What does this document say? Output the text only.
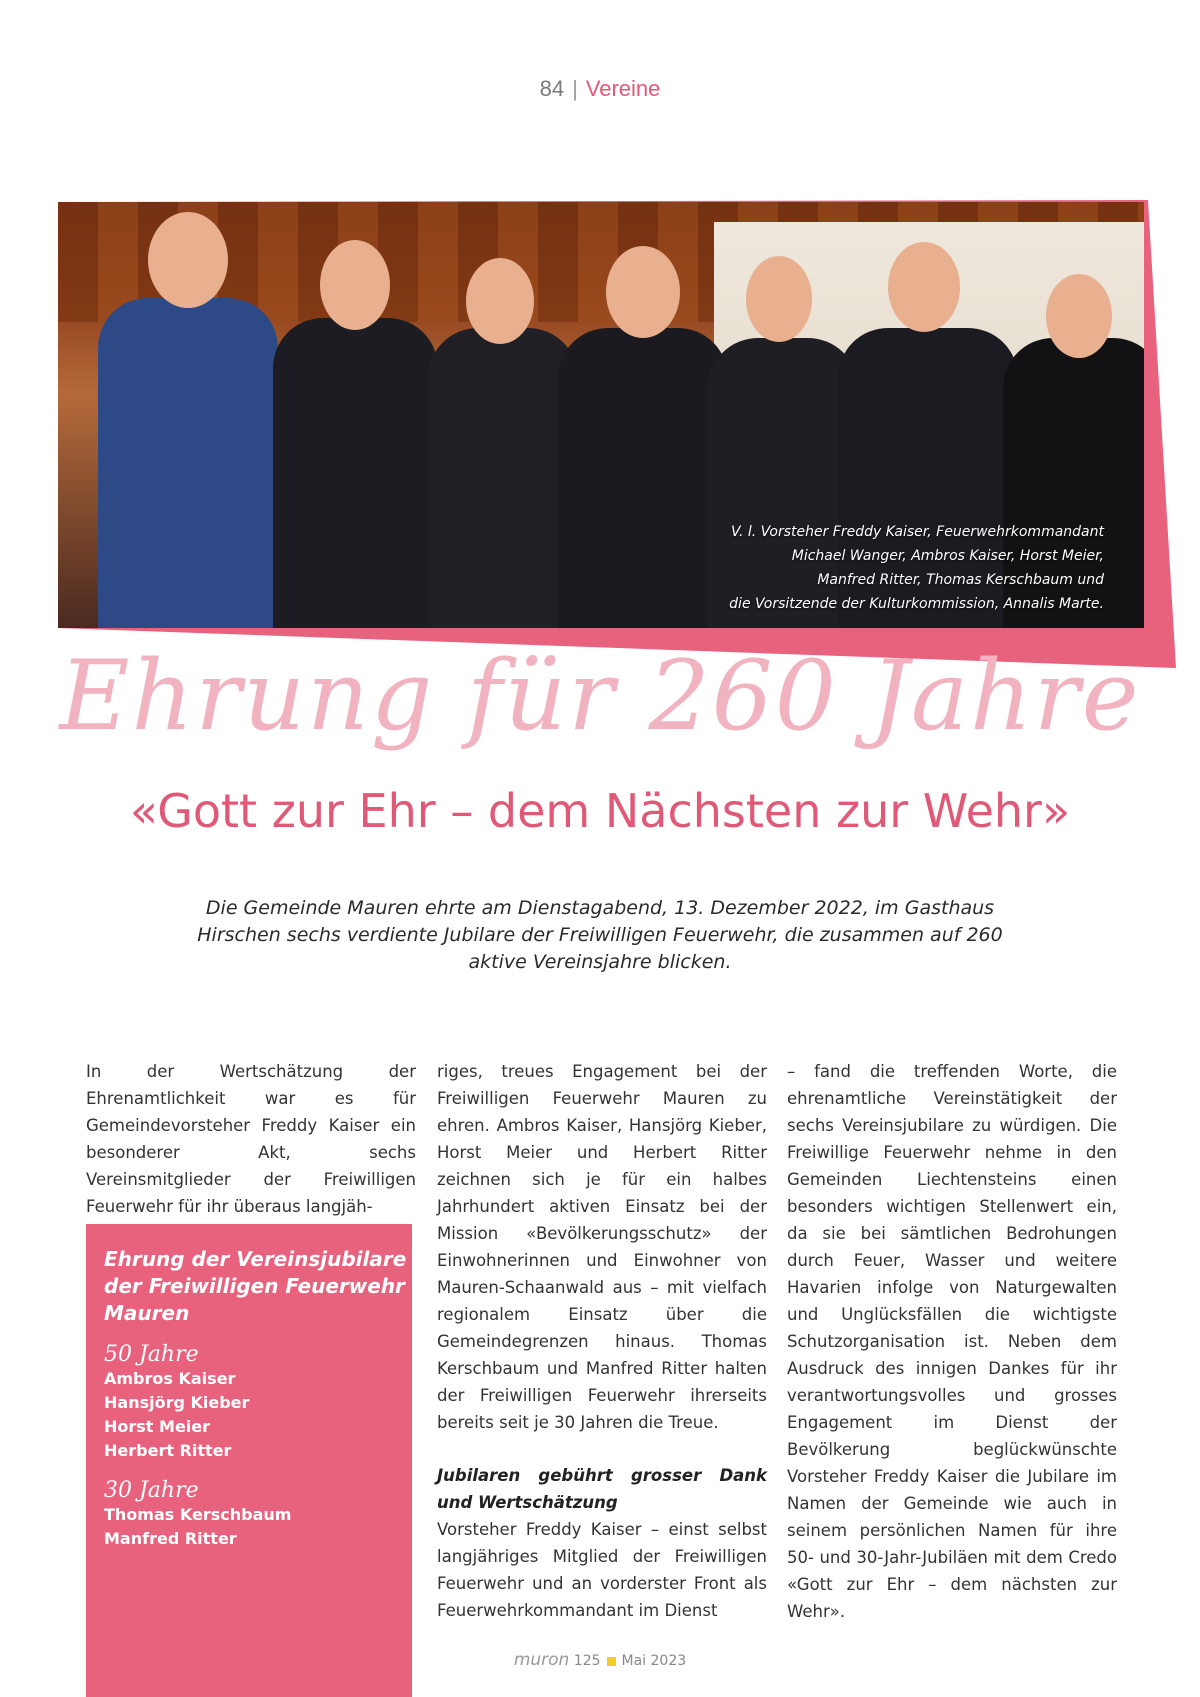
84 | Vereine
V. l. Vorsteher Freddy Kaiser, Feuerwehrkommandant
Michael Wanger, Ambros Kaiser, Horst Meier,
Manfred Ritter, Thomas Kerschbaum und
die Vorsitzende der Kulturkommission, Annalis Marte.
Ehrung für 260 Jahre
«Gott zur Ehr – dem Nächsten zur Wehr»
Die Gemeinde Mauren ehrte am Dienstagabend, 13. Dezember 2022, im Gasthaus
Hirschen sechs verdiente Jubilare der Freiwilligen Feuerwehr, die zusammen auf 260
aktive Vereinsjahre blicken.

In der Wertschätzung der Ehrenamtlichkeit war es für Gemeindevorsteher Freddy Kaiser ein besonderer Akt, sechs Vereinsmitglieder der Freiwilligen Feuerwehr für ihr überaus langjäh-

Ehrung der Vereinsjubilare der Freiwilligen Feuerwehr Mauren
50 Jahre
Ambros Kaiser
Hansjörg Kieber
Horst Meier
Herbert Ritter
30 Jahre
Thomas Kerschbaum
Manfred Ritter

riges, treues Engagement bei der Freiwilligen Feuerwehr Mauren zu ehren. Ambros Kaiser, Hansjörg Kieber, Horst Meier und Herbert Ritter zeichnen sich je für ein halbes Jahrhundert aktiven Einsatz bei der Mission «Bevölkerungsschutz» der Einwohnerinnen und Einwohner von Mauren-Schaanwald aus – mit vielfach regionalem Einsatz über die Gemeindegrenzen hinaus. Thomas Kerschbaum und Manfred Ritter halten der Freiwilligen Feuerwehr ihrerseits bereits seit je 30 Jahren die Treue.

Jubilaren gebührt grosser Dank und Wertschätzung

Vorsteher Freddy Kaiser – einst selbst langjähriges Mitglied der Freiwilligen Feuerwehr und an vorderster Front als Feuerwehrkommandant im Dienst

– fand die treffenden Worte, die ehrenamtliche Vereinstätigkeit der sechs Vereinsjubilare zu würdigen. Die Freiwillige Feuerwehr nehme in den Gemeinden Liechtensteins einen besonders wichtigen Stellenwert ein, da sie bei sämtlichen Bedrohungen durch Feuer, Wasser und weitere Havarien infolge von Naturgewalten und Unglücksfällen die wichtigste Schutzorganisation ist. Neben dem Ausdruck des innigen Dankes für ihr verantwortungsvolles und grosses Engagement im Dienst der Bevölkerung beglückwünschte Vorsteher Freddy Kaiser die Jubilare im Namen der Gemeinde wie auch in seinem persönlichen Namen für ihre 50- und 30-Jahr-Jubiläen mit dem Credo «Gott zur Ehr – dem nächsten zur Wehr».

muron 125 Mai 2023
